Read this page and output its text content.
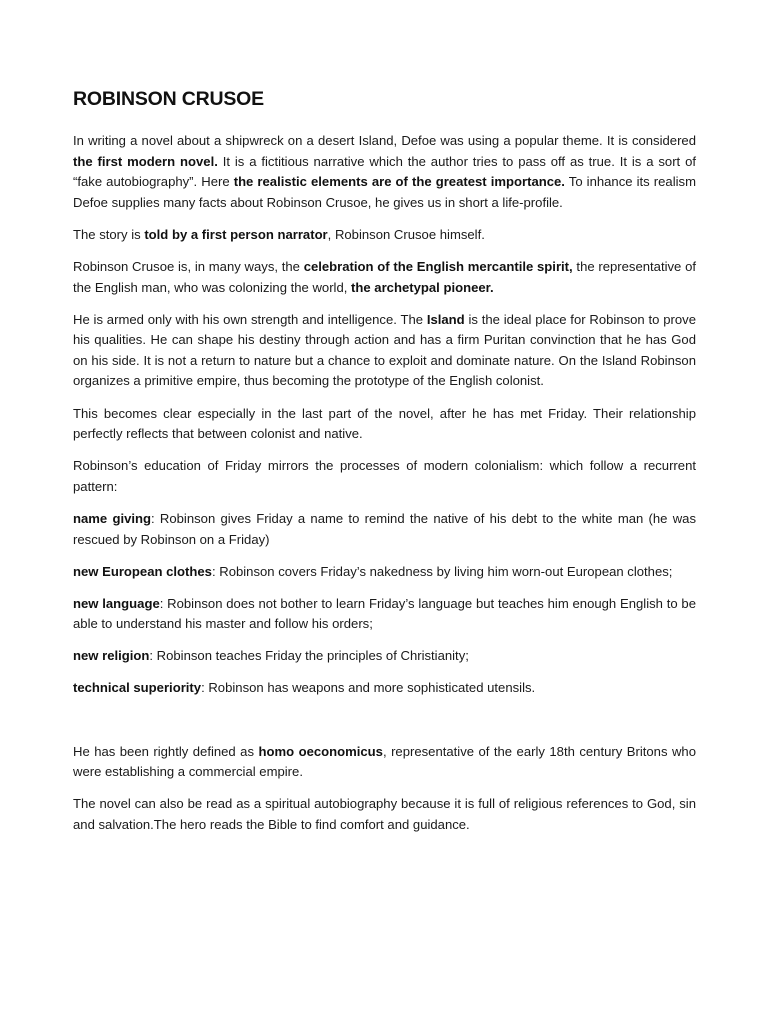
ROBINSON CRUSOE

In writing a novel about a shipwreck on a desert Island, Defoe was using a popular theme. It is considered the first modern novel. It is a fictitious narrative which the author tries to pass off as true. It is a sort of “fake autobiography”. Here the realistic elements are of the greatest importance. To inhance its realism Defoe supplies many facts about Robinson Crusoe, he gives us in short a life-profile.

The story is told by a first person narrator, Robinson Crusoe himself.

Robinson Crusoe is, in many ways, the celebration of the English mercantile spirit, the representative of the English man, who was colonizing the world, the archetypal pioneer.

He is armed only with his own strength and intelligence. The Island is the ideal place for Robinson to prove his qualities. He can shape his destiny through action and has a firm Puritan convinction that he has God on his side. It is not a return to nature but a chance to exploit and dominate nature. On the Island Robinson organizes a primitive empire, thus becoming the prototype of the English colonist.

This becomes clear especially in the last part of the novel, after he has met Friday. Their relationship perfectly reflects that between colonist and native.

Robinson’s education of Friday mirrors the processes of modern colonialism: which follow a recurrent pattern:

name giving: Robinson gives Friday a name to remind the native of his debt to the white man (he was rescued by Robinson on a Friday)

new European clothes: Robinson covers Friday’s nakedness by living him worn-out European clothes;

new language: Robinson does not bother to learn Friday’s language but teaches him enough English to be able to understand his master and follow his orders;

new religion: Robinson teaches Friday the principles of Christianity;

technical superiority: Robinson has weapons and more sophisticated utensils.

He has been rightly defined as homo oeconomicus, representative of the early 18th century Britons who were establishing a commercial empire.

The novel can also be read as a spiritual autobiography because it is full of religious references to God, sin and salvation.The hero reads the Bible to find comfort and guidance.
